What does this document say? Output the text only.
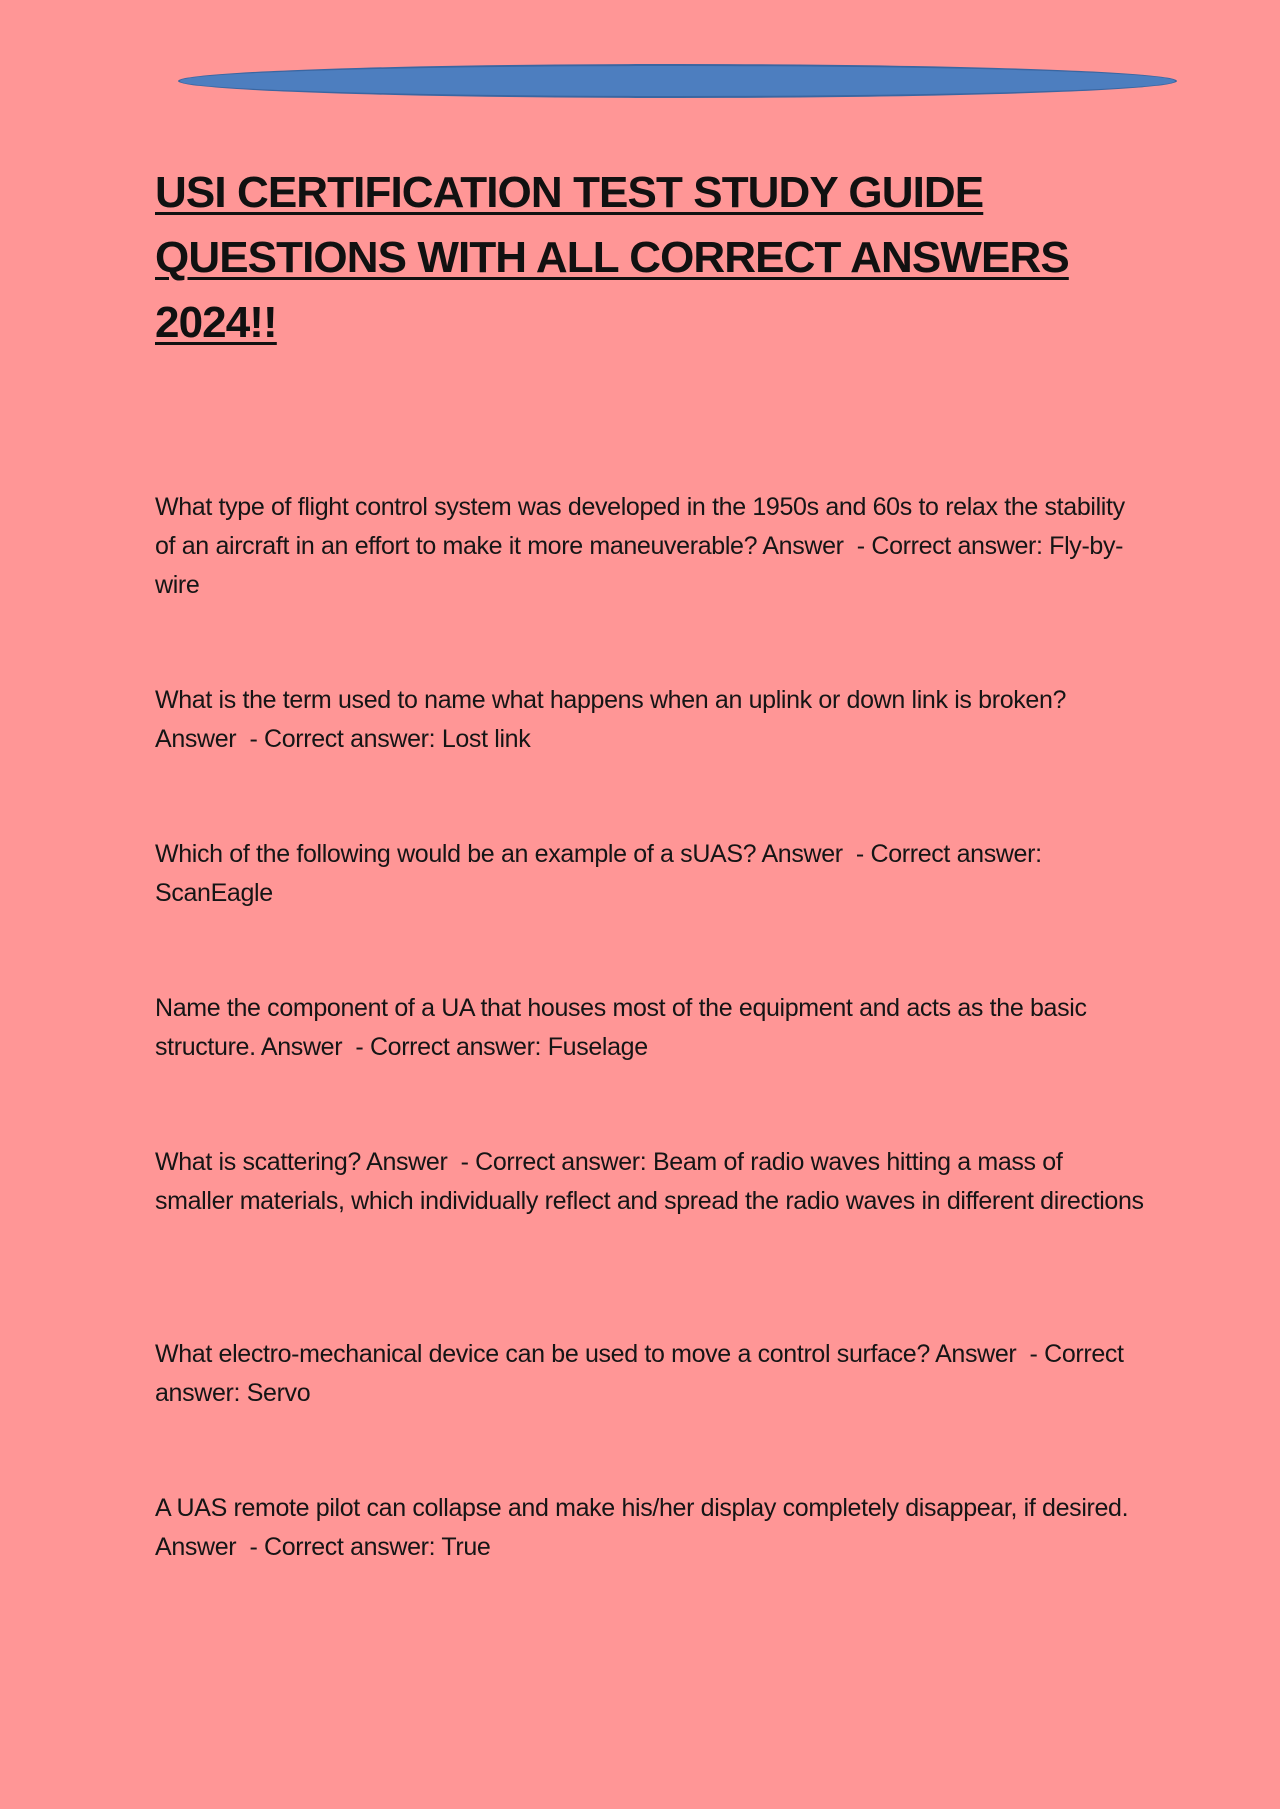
USI CERTIFICATION TEST STUDY GUIDE QUESTIONS WITH ALL CORRECT ANSWERS 2024!!

What type of flight control system was developed in the 1950s and 60s to relax the stability of an aircraft in an effort to make it more maneuverable? Answer  - Correct answer: Fly-by-wire

What is the term used to name what happens when an uplink or down link is broken? Answer  - Correct answer: Lost link

Which of the following would be an example of a sUAS? Answer  - Correct answer: ScanEagle

Name the component of a UA that houses most of the equipment and acts as the basic structure. Answer  - Correct answer: Fuselage

What is scattering? Answer  - Correct answer: Beam of radio waves hitting a mass of smaller materials, which individually reflect and spread the radio waves in different directions

What electro-mechanical device can be used to move a control surface? Answer  - Correct answer: Servo

A UAS remote pilot can collapse and make his/her display completely disappear, if desired. Answer  - Correct answer: True
